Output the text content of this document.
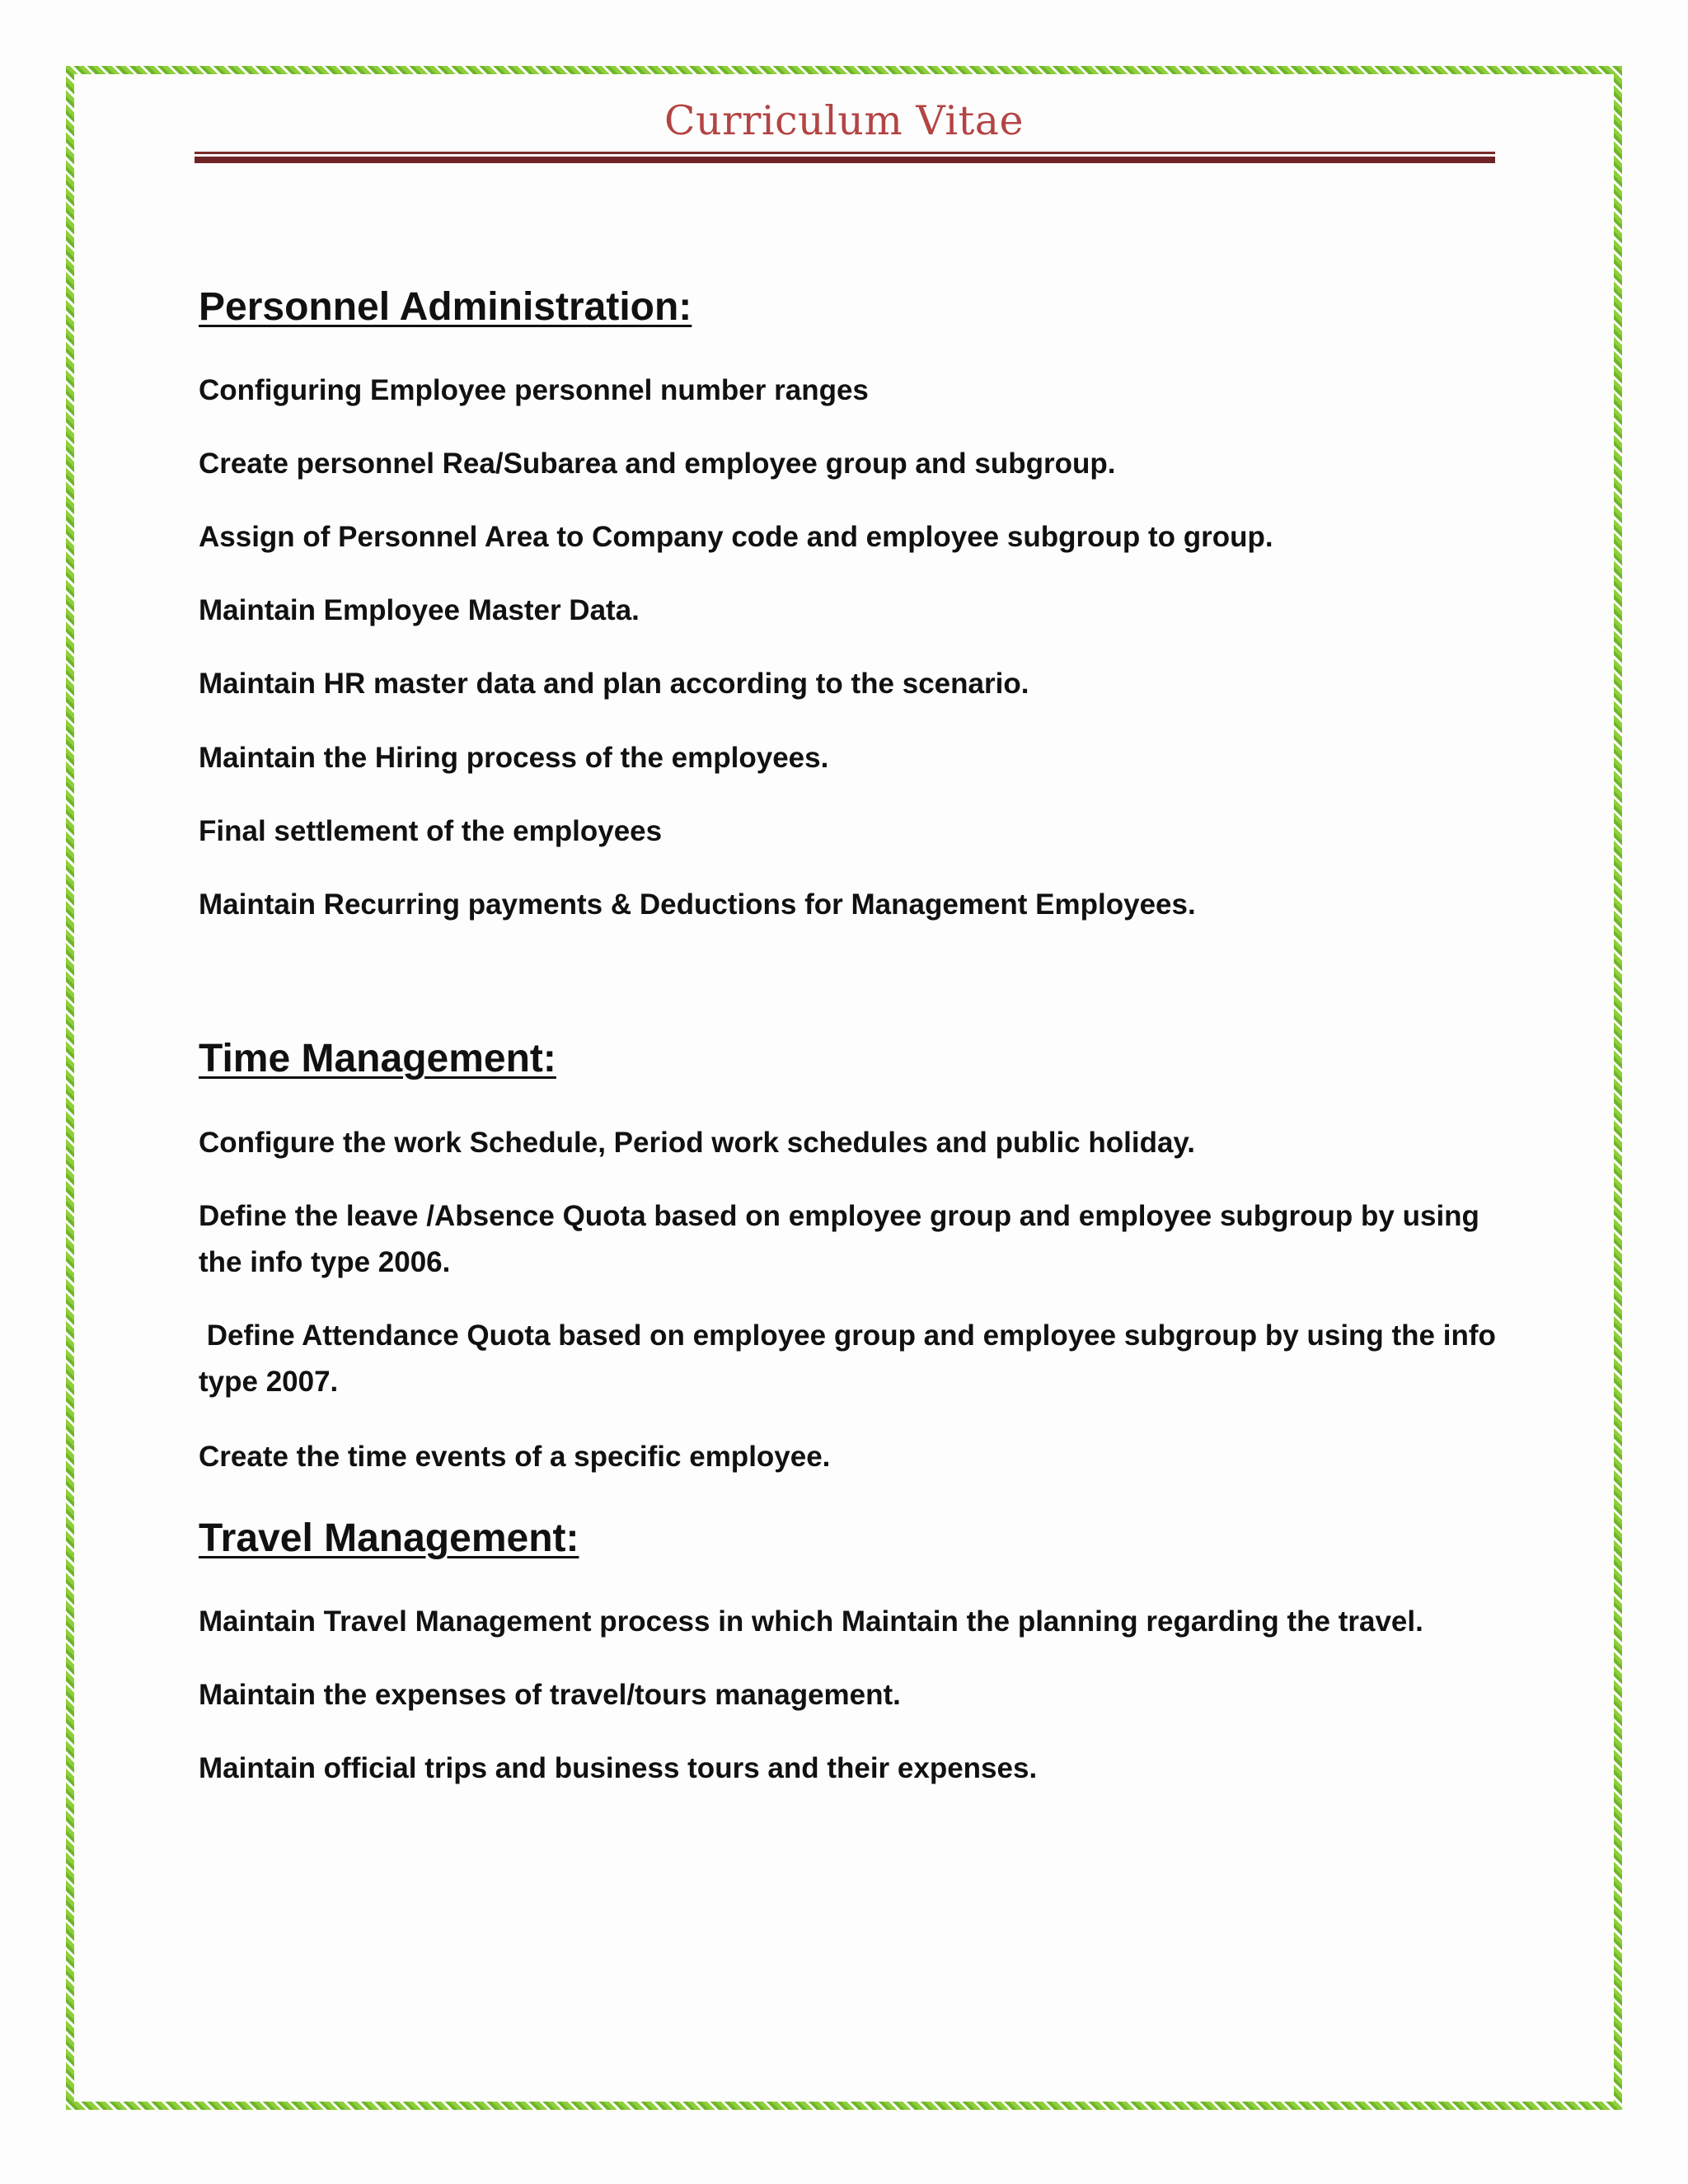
Curriculum Vitae
Personnel Administration:

Configuring Employee personnel number ranges

Create personnel Rea/Subarea and employee group and subgroup.

Assign of Personnel Area to Company code and employee subgroup to group.

Maintain Employee Master Data.

Maintain HR master data and plan according to the scenario.

Maintain the Hiring process of the employees.

Final settlement of the employees

Maintain Recurring payments & Deductions for Management Employees.

Time Management:

Configure the work Schedule, Period work schedules and public holiday.

Define the leave /Absence Quota based on employee group and employee subgroup by using the info type 2006.

Define Attendance Quota based on employee group and employee subgroup by using the info type 2007.

Create the time events of a specific employee.

Travel Management:

Maintain Travel Management process in which Maintain the planning regarding the travel.

Maintain the expenses of travel/tours management.

Maintain official trips and business tours and their expenses.
